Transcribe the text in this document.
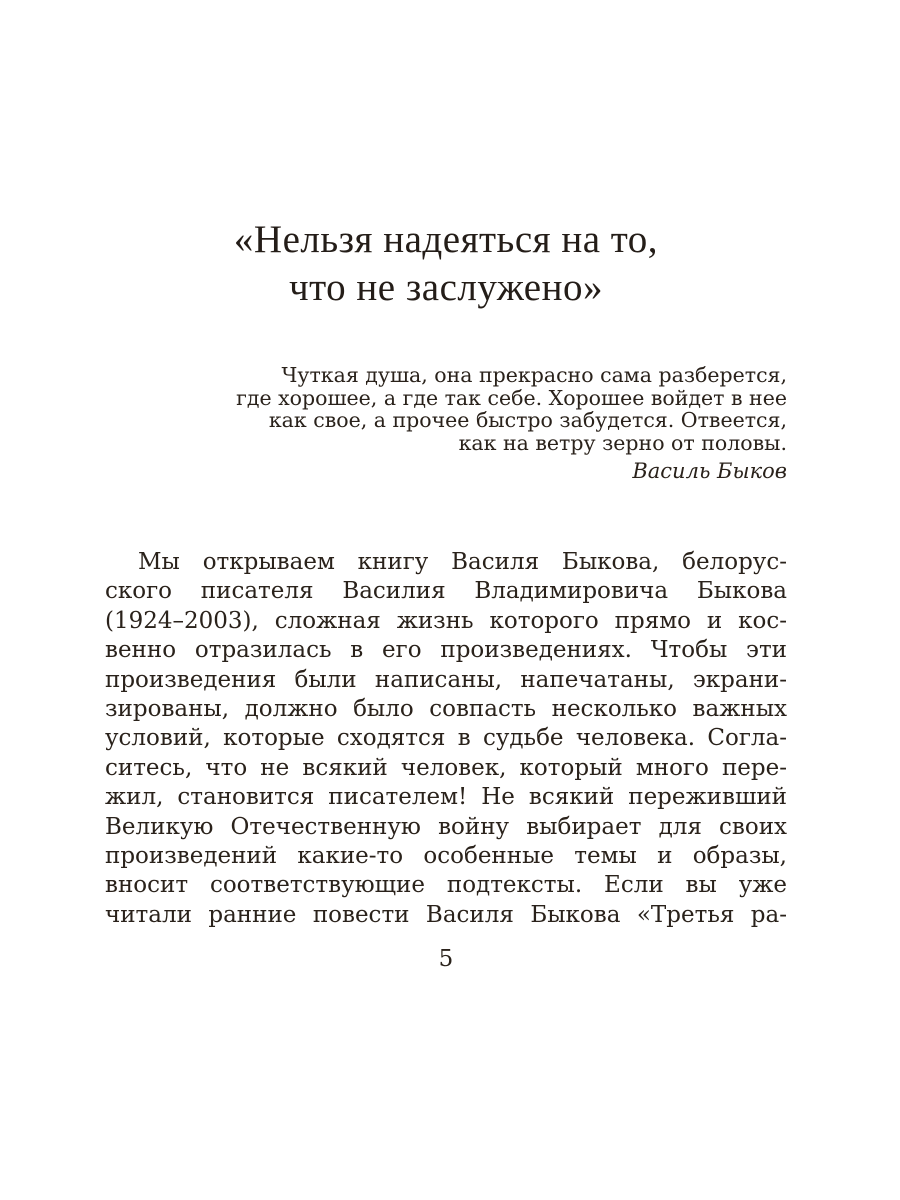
«Нельзя надеяться на то,
что не заслужено»
Чуткая душа, она прекрасно сама разберется,
где хорошее, а где так себе. Хорошее войдет в нее
как свое, а прочее быстро забудется. Отвеется,
как на ветру зерно от половы.
Василь Быков
Мы открываем книгу Василя Быкова, белорус-
ского писателя Василия Владимировича Быкова
(1924–2003), сложная жизнь которого прямо и кос-
венно отразилась в его произведениях. Чтобы эти
произведения были написаны, напечатаны, экрани-
зированы, должно было совпасть несколько важных
условий, которые сходятся в судьбе человека. Согла-
ситесь, что не всякий человек, который много пере-
жил, становится писателем! Не всякий переживший
Великую Отечественную войну выбирает для своих
произведений какие-то особенные темы и образы,
вносит соответствующие подтексты. Если вы уже
читали ранние повести Василя Быкова «Третья ра-
5
